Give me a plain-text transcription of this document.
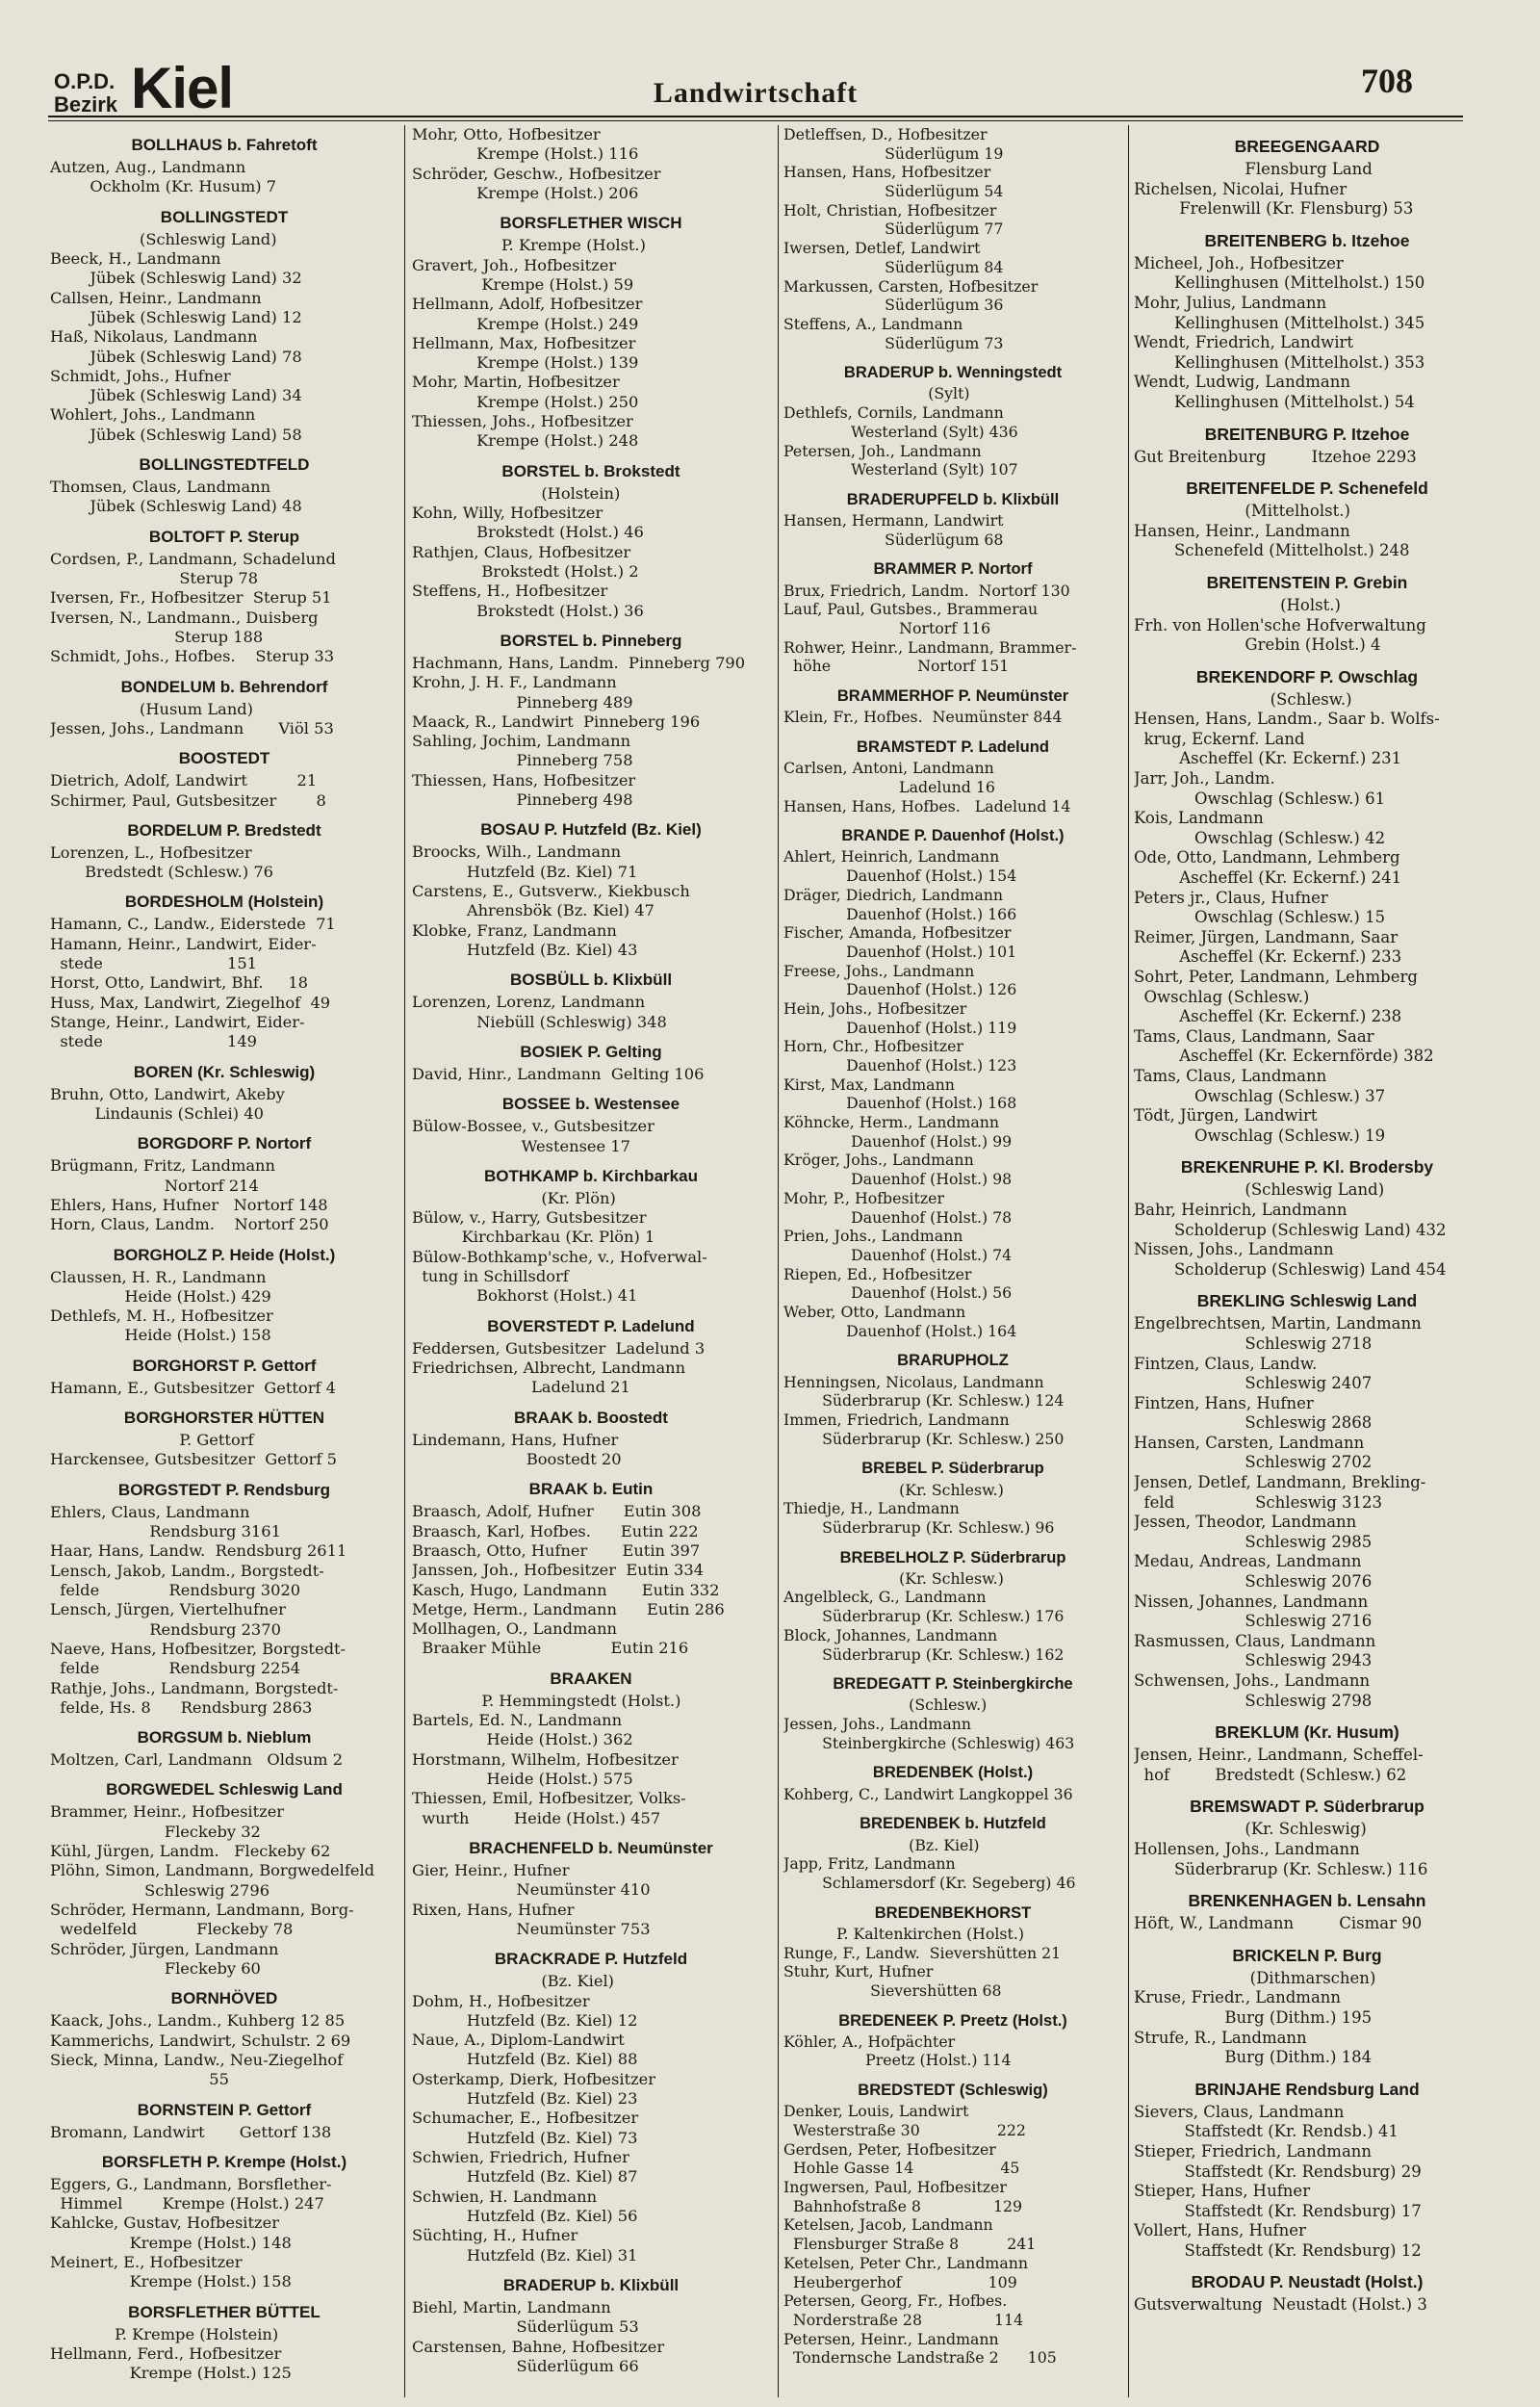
O.P.D.
Bezirk Kiel	Landwirtschaft	708
BOLLHAUS b. Fahretoft
Autzen, Aug., Landmann
Ockholm (Kr. Husum) 7
BOLLINGSTEDT
(Schleswig Land)
Beeck, H., Landmann
Jübek (Schleswig Land) 32
Callsen, Heinr., Landmann
Jübek (Schleswig Land) 12
Haß, Nikolaus, Landmann
Jübek (Schleswig Land) 78
Schmidt, Johs., Hufner
Jübek (Schleswig Land) 34
Wohlert, Johs., Landmann
Jübek (Schleswig Land) 58
BOLLINGSTEDTFELD
Thomsen, Claus, Landmann
Jübek (Schleswig Land) 48
BOLTOFT P. Sterup
Cordsen, P., Landmann, Schadelund
Sterup 78
Iversen, Fr., Hofbesitzer  Sterup 51
Iversen, N., Landmann., Duisberg
Sterup 188
Schmidt, Johs., Hofbes.    Sterup 33
BONDELUM b. Behrendorf
(Husum Land)
Jessen, Johs., Landmann       Viöl 53
BOOSTEDT
Dietrich, Adolf, Landwirt          21
Schirmer, Paul, Gutsbesitzer        8
BORDELUM P. Bredstedt
Lorenzen, L., Hofbesitzer
Bredstedt (Schlesw.) 76
BORDESHOLM (Holstein)
Hamann, C., Landw., Eiderstede  71
Hamann, Heinr., Landwirt, Eider-
stede                         151
Horst, Otto, Landwirt, Bhf.     18
Huss, Max, Landwirt, Ziegelhof  49
Stange, Heinr., Landwirt, Eider-
stede                         149
BOREN (Kr. Schleswig)
Bruhn, Otto, Landwirt, Akeby
Lindaunis (Schlei) 40
BORGDORF P. Nortorf
Brügmann, Fritz, Landmann
Nortorf 214
Ehlers, Hans, Hufner   Nortorf 148
Horn, Claus, Landm.    Nortorf 250
BORGHOLZ P. Heide (Holst.)
Claussen, H. R., Landmann
Heide (Holst.) 429
Dethlefs, M. H., Hofbesitzer
Heide (Holst.) 158
BORGHORST P. Gettorf
Hamann, E., Gutsbesitzer  Gettorf 4
BORGHORSTER HÜTTEN
P. Gettorf
Harckensee, Gutsbesitzer  Gettorf 5
BORGSTEDT P. Rendsburg
Ehlers, Claus, Landmann
Rendsburg 3161
Haar, Hans, Landw.  Rendsburg 2611
Lensch, Jakob, Landm., Borgstedt-
felde              Rendsburg 3020
Lensch, Jürgen, Viertelhufner
Rendsburg 2370
Naeve, Hans, Hofbesitzer, Borgstedt-
felde              Rendsburg 2254
Rathje, Johs., Landmann, Borgstedt-
felde, Hs. 8      Rendsburg 2863
BORGSUM b. Nieblum
Moltzen, Carl, Landmann   Oldsum 2
BORGWEDEL Schleswig Land
Brammer, Heinr., Hofbesitzer
Fleckeby 32
Kühl, Jürgen, Landm.   Fleckeby 62
Plöhn, Simon, Landmann, Borgwedelfeld
Schleswig 2796
Schröder, Hermann, Landmann, Borg-
wedelfeld            Fleckeby 78
Schröder, Jürgen, Landmann
Fleckeby 60
BORNHÖVED
Kaack, Johs., Landm., Kuhberg 12 85
Kammerichs, Landwirt, Schulstr. 2 69
Sieck, Minna, Landw., Neu-Ziegelhof
55
BORNSTEIN P. Gettorf
Bromann, Landwirt       Gettorf 138
BORSFLETH P. Krempe (Holst.)
Eggers, G., Landmann, Borsflether-
Himmel        Krempe (Holst.) 247
Kahlcke, Gustav, Hofbesitzer
Krempe (Holst.) 148
Meinert, E., Hofbesitzer
Krempe (Holst.) 158
BORSFLETHER BÜTTEL
P. Krempe (Holstein)
Hellmann, Ferd., Hofbesitzer
Krempe (Holst.) 125
Mohr, Otto, Hofbesitzer
Krempe (Holst.) 116
Schröder, Geschw., Hofbesitzer
Krempe (Holst.) 206
BORSFLETHER WISCH
P. Krempe (Holst.)
Gravert, Joh., Hofbesitzer
Krempe (Holst.) 59
Hellmann, Adolf, Hofbesitzer
Krempe (Holst.) 249
Hellmann, Max, Hofbesitzer
Krempe (Holst.) 139
Mohr, Martin, Hofbesitzer
Krempe (Holst.) 250
Thiessen, Johs., Hofbesitzer
Krempe (Holst.) 248
BORSTEL b. Brokstedt
(Holstein)
Kohn, Willy, Hofbesitzer
Brokstedt (Holst.) 46
Rathjen, Claus, Hofbesitzer
Brokstedt (Holst.) 2
Steffens, H., Hofbesitzer
Brokstedt (Holst.) 36
BORSTEL b. Pinneberg
Hachmann, Hans, Landm.  Pinneberg 790
Krohn, J. H. F., Landmann
Pinneberg 489
Maack, R., Landwirt  Pinneberg 196
Sahling, Jochim, Landmann
Pinneberg 758
Thiessen, Hans, Hofbesitzer
Pinneberg 498
BOSAU P. Hutzfeld (Bz. Kiel)
Broocks, Wilh., Landmann
Hutzfeld (Bz. Kiel) 71
Carstens, E., Gutsverw., Kiekbusch
Ahrensbök (Bz. Kiel) 47
Klobke, Franz, Landmann
Hutzfeld (Bz. Kiel) 43
BOSBÜLL b. Klixbüll
Lorenzen, Lorenz, Landmann
Niebüll (Schleswig) 348
BOSIEK P. Gelting
David, Hinr., Landmann  Gelting 106
BOSSEE b. Westensee
Bülow-Bossee, v., Gutsbesitzer
Westensee 17
BOTHKAMP b. Kirchbarkau
(Kr. Plön)
Bülow, v., Harry, Gutsbesitzer
Kirchbarkau (Kr. Plön) 1
Bülow-Bothkamp'sche, v., Hofverwal-
tung in Schillsdorf
Bokhorst (Holst.) 41
BOVERSTEDT P. Ladelund
Feddersen, Gutsbesitzer  Ladelund 3
Friedrichsen, Albrecht, Landmann
Ladelund 21
BRAAK b. Boostedt
Lindemann, Hans, Hufner
Boostedt 20
BRAAK b. Eutin
Braasch, Adolf, Hufner      Eutin 308
Braasch, Karl, Hofbes.      Eutin 222
Braasch, Otto, Hufner       Eutin 397
Janssen, Joh., Hofbesitzer  Eutin 334
Kasch, Hugo, Landmann       Eutin 332
Metge, Herm., Landmann      Eutin 286
Mollhagen, O., Landmann
Braaker Mühle              Eutin 216
BRAAKEN
P. Hemmingstedt (Holst.)
Bartels, Ed. N., Landmann
Heide (Holst.) 362
Horstmann, Wilhelm, Hofbesitzer
Heide (Holst.) 575
Thiessen, Emil, Hofbesitzer, Volks-
wurth         Heide (Holst.) 457
BRACHENFELD b. Neumünster
Gier, Heinr., Hufner
Neumünster 410
Rixen, Hans, Hufner
Neumünster 753
BRACKRADE P. Hutzfeld
(Bz. Kiel)
Dohm, H., Hofbesitzer
Hutzfeld (Bz. Kiel) 12
Naue, A., Diplom-Landwirt
Hutzfeld (Bz. Kiel) 88
Osterkamp, Dierk, Hofbesitzer
Hutzfeld (Bz. Kiel) 23
Schumacher, E., Hofbesitzer
Hutzfeld (Bz. Kiel) 73
Schwien, Friedrich, Hufner
Hutzfeld (Bz. Kiel) 87
Schwien, H. Landmann
Hutzfeld (Bz. Kiel) 56
Süchting, H., Hufner
Hutzfeld (Bz. Kiel) 31
BRADERUP b. Klixbüll
Biehl, Martin, Landmann
Süderlügum 53
Carstensen, Bahne, Hofbesitzer
Süderlügum 66
Detleffsen, D., Hofbesitzer
Süderlügum 19
Hansen, Hans, Hofbesitzer
Süderlügum 54
Holt, Christian, Hofbesitzer
Süderlügum 77
Iwersen, Detlef, Landwirt
Süderlügum 84
Markussen, Carsten, Hofbesitzer
Süderlügum 36
Steffens, A., Landmann
Süderlügum 73
BRADERUP b. Wenningstedt
(Sylt)
Dethlefs, Cornils, Landmann
Westerland (Sylt) 436
Petersen, Joh., Landmann
Westerland (Sylt) 107
BRADERUPFELD b. Klixbüll
Hansen, Hermann, Landwirt
Süderlügum 68
BRAMMER P. Nortorf
Brux, Friedrich, Landm.  Nortorf 130
Lauf, Paul, Gutsbes., Brammerau
Nortorf 116
Rohwer, Heinr., Landmann, Brammer-
höhe                  Nortorf 151
BRAMMERHOF P. Neumünster
Klein, Fr., Hofbes.  Neumünster 844
BRAMSTEDT P. Ladelund
Carlsen, Antoni, Landmann
Ladelund 16
Hansen, Hans, Hofbes.   Ladelund 14
BRANDE P. Dauenhof (Holst.)
Ahlert, Heinrich, Landmann
Dauenhof (Holst.) 154
Dräger, Diedrich, Landmann
Dauenhof (Holst.) 166
Fischer, Amanda, Hofbesitzer
Dauenhof (Holst.) 101
Freese, Johs., Landmann
Dauenhof (Holst.) 126
Hein, Johs., Hofbesitzer
Dauenhof (Holst.) 119
Horn, Chr., Hofbesitzer
Dauenhof (Holst.) 123
Kirst, Max, Landmann
Dauenhof (Holst.) 168
Köhncke, Herm., Landmann
Dauenhof (Holst.) 99
Kröger, Johs., Landmann
Dauenhof (Holst.) 98
Mohr, P., Hofbesitzer
Dauenhof (Holst.) 78
Prien, Johs., Landmann
Dauenhof (Holst.) 74
Riepen, Ed., Hofbesitzer
Dauenhof (Holst.) 56
Weber, Otto, Landmann
Dauenhof (Holst.) 164
BRARUPHOLZ
Henningsen, Nicolaus, Landmann
Süderbrarup (Kr. Schlesw.) 124
Immen, Friedrich, Landmann
Süderbrarup (Kr. Schlesw.) 250
BREBEL P. Süderbrarup
(Kr. Schlesw.)
Thiedje, H., Landmann
Süderbrarup (Kr. Schlesw.) 96
BREBELHOLZ P. Süderbrarup
(Kr. Schlesw.)
Angelbleck, G., Landmann
Süderbrarup (Kr. Schlesw.) 176
Block, Johannes, Landmann
Süderbrarup (Kr. Schlesw.) 162
BREDEGATT P. Steinbergkirche
(Schlesw.)
Jessen, Johs., Landmann
Steinbergkirche (Schleswig) 463
BREDENBEK (Holst.)
Kohberg, C., Landwirt Langkoppel 36
BREDENBEK b. Hutzfeld
(Bz. Kiel)
Japp, Fritz, Landmann
Schlamersdorf (Kr. Segeberg) 46
BREDENBEKHORST
P. Kaltenkirchen (Holst.)
Runge, F., Landw.  Sievershütten 21
Stuhr, Kurt, Hufner
Sievershütten 68
BREDENEEK P. Preetz (Holst.)
Köhler, A., Hofpächter
Preetz (Holst.) 114
BREDSTEDT (Schleswig)
Denker, Louis, Landwirt
Westerstraße 30                222
Gerdsen, Peter, Hofbesitzer
Hohle Gasse 14                  45
Ingwersen, Paul, Hofbesitzer
Bahnhofstraße 8               129
Ketelsen, Jacob, Landmann
Flensburger Straße 8          241
Ketelsen, Peter Chr., Landmann
Heubergerhof                  109
Petersen, Georg, Fr., Hofbes.
Norderstraße 28               114
Petersen, Heinr., Landmann
Tondernsche Landstraße 2      105
BREEGENGAARD
Flensburg Land
Richelsen, Nicolai, Hufner
Frelenwill (Kr. Flensburg) 53
BREITENBERG b. Itzehoe
Micheel, Joh., Hofbesitzer
Kellinghusen (Mittelholst.) 150
Mohr, Julius, Landmann
Kellinghusen (Mittelholst.) 345
Wendt, Friedrich, Landwirt
Kellinghusen (Mittelholst.) 353
Wendt, Ludwig, Landmann
Kellinghusen (Mittelholst.) 54
BREITENBURG P. Itzehoe
Gut Breitenburg         Itzehoe 2293
BREITENFELDE P. Schenefeld
(Mittelholst.)
Hansen, Heinr., Landmann
Schenefeld (Mittelholst.) 248
BREITENSTEIN P. Grebin
(Holst.)
Frh. von Hollen'sche Hofverwaltung
Grebin (Holst.) 4
BREKENDORF P. Owschlag
(Schlesw.)
Hensen, Hans, Landm., Saar b. Wolfs-
krug, Eckernf. Land
Ascheffel (Kr. Eckernf.) 231
Jarr, Joh., Landm.
Owschlag (Schlesw.) 61
Kois, Landmann
Owschlag (Schlesw.) 42
Ode, Otto, Landmann, Lehmberg
Ascheffel (Kr. Eckernf.) 241
Peters jr., Claus, Hufner
Owschlag (Schlesw.) 15
Reimer, Jürgen, Landmann, Saar
Ascheffel (Kr. Eckernf.) 233
Sohrt, Peter, Landmann, Lehmberg
Owschlag (Schlesw.)
Ascheffel (Kr. Eckernf.) 238
Tams, Claus, Landmann, Saar
Ascheffel (Kr. Eckernförde) 382
Tams, Claus, Landmann
Owschlag (Schlesw.) 37
Tödt, Jürgen, Landwirt
Owschlag (Schlesw.) 19
BREKENRUHE P. Kl. Brodersby
(Schleswig Land)
Bahr, Heinrich, Landmann
Scholderup (Schleswig Land) 432
Nissen, Johs., Landmann
Scholderup (Schleswig) Land 454
BREKLING Schleswig Land
Engelbrechtsen, Martin, Landmann
Schleswig 2718
Fintzen, Claus, Landw.
Schleswig 2407
Fintzen, Hans, Hufner
Schleswig 2868
Hansen, Carsten, Landmann
Schleswig 2702
Jensen, Detlef, Landmann, Brekling-
feld                Schleswig 3123
Jessen, Theodor, Landmann
Schleswig 2985
Medau, Andreas, Landmann
Schleswig 2076
Nissen, Johannes, Landmann
Schleswig 2716
Rasmussen, Claus, Landmann
Schleswig 2943
Schwensen, Johs., Landmann
Schleswig 2798
BREKLUM (Kr. Husum)
Jensen, Heinr., Landmann, Scheffel-
hof         Bredstedt (Schlesw.) 62
BREMSWADT P. Süderbrarup
(Kr. Schleswig)
Hollensen, Johs., Landmann
Süderbrarup (Kr. Schlesw.) 116
BRENKENHAGEN b. Lensahn
Höft, W., Landmann         Cismar 90
BRICKELN P. Burg
(Dithmarschen)
Kruse, Friedr., Landmann
Burg (Dithm.) 195
Strufe, R., Landmann
Burg (Dithm.) 184
BRINJAHE Rendsburg Land
Sievers, Claus, Landmann
Staffstedt (Kr. Rendsb.) 41
Stieper, Friedrich, Landmann
Staffstedt (Kr. Rendsburg) 29
Stieper, Hans, Hufner
Staffstedt (Kr. Rendsburg) 17
Vollert, Hans, Hufner
Staffstedt (Kr. Rendsburg) 12
BRODAU P. Neustadt (Holst.)
Gutsverwaltung  Neustadt (Holst.) 3
